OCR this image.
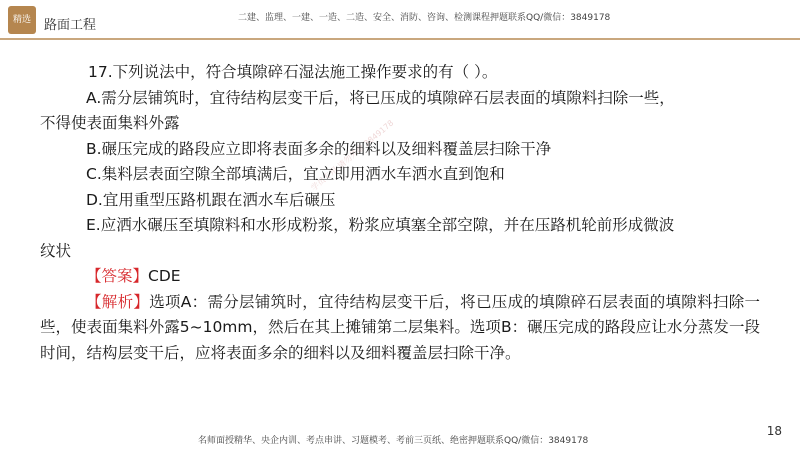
精选	路面工程	二建、监理、一建、一造、二造、安全、消防、咨询、检测课程押题联系QQ/微信：3849178
学员专用 请勿外泄 3849178

17.下列说法中，符合填隙碎石湿法施工操作要求的有（ ）。

A.需分层铺筑时，宜待结构层变干后，将已压成的填隙碎石层表面的填隙料扫除一些，

不得使表面集料外露

B.碾压完成的路段应立即将表面多余的细料以及细料覆盖层扫除干净

C.集料层表面空隙全部填满后，宜立即用洒水车洒水直到饱和

D.宜用重型压路机跟在洒水车后碾压

E.应洒水碾压至填隙料和水形成粉浆，粉浆应填塞全部空隙，并在压路机轮前形成微波

纹状

【答案】CDE

【解析】选项A：需分层铺筑时，宜待结构层变干后，将已压成的填隙碎石层表面的填隙料扫除一些，使表面集料外露5~10mm，然后在其上摊铺第二层集料。选项B：碾压完成的路段应让水分蒸发一段时间，结构层变干后，应将表面多余的细料以及细料覆盖层扫除干净。

18
名师面授精华、央企内训、考点串讲、习题模考、考前三页纸、绝密押题联系QQ/微信：3849178
